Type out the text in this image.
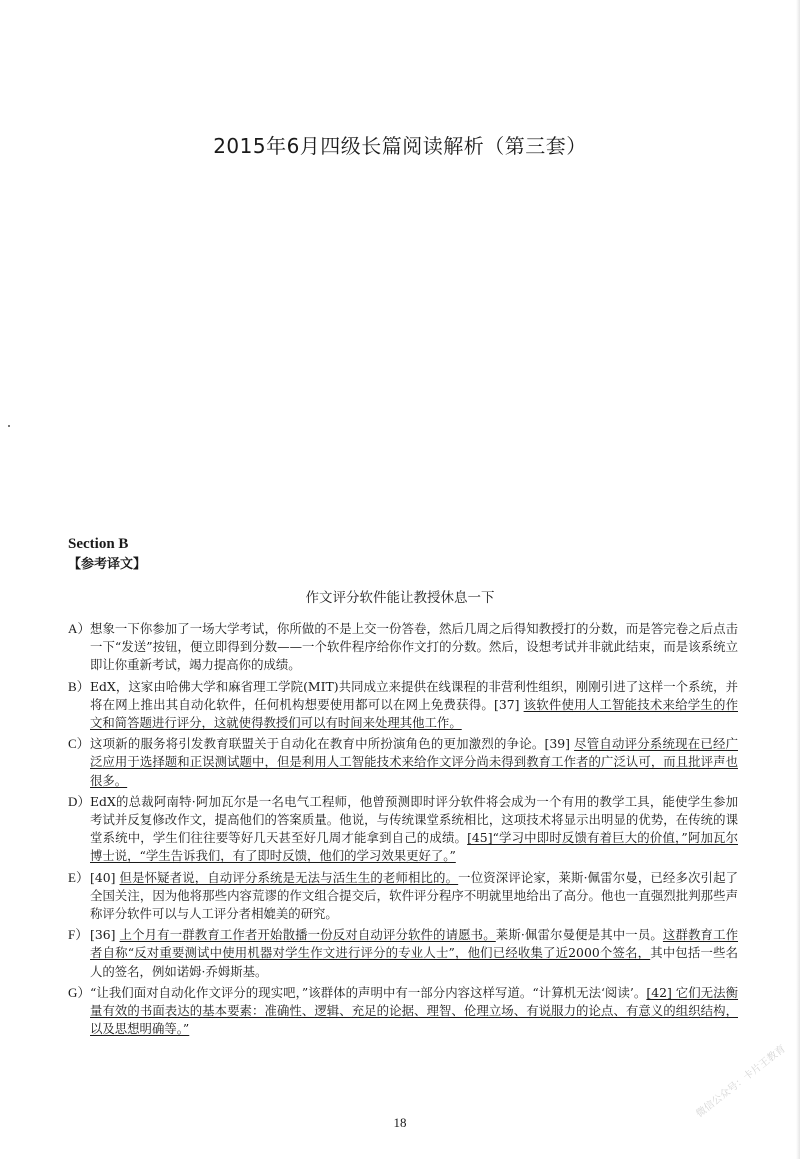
2015年6月四级长篇阅读解析（第三套）
Section B
【参考译文】
作文评分软件能让教授休息一下
A） 想象一下你参加了一场大学考试，你所做的不是上交一份答卷，然后几周之后得知教授打的分数，而是答完卷之后点击一下“发送”按钮，便立即得到分数——一个软件程序给你作文打的分数。然后，设想考试并非就此结束，而是该系统立即让你重新考试，竭力提高你的成绩。
B） EdX，这家由哈佛大学和麻省理工学院(MIT)共同成立来提供在线课程的非营利性组织，刚刚引进了这样一个系统，并将在网上推出其自动化软件，任何机构想要使用都可以在网上免费获得。[37] 该软件使用人工智能技术来给学生的作文和简答题进行评分，这就使得教授们可以有时间来处理其他工作。
C） 这项新的服务将引发教育联盟关于自动化在教育中所扮演角色的更加激烈的争论。[39] 尽管自动评分系统现在已经广泛应用于选择题和正误测试题中，但是利用人工智能技术来给作文评分尚未得到教育工作者的广泛认可，而且批评声也很多。
D） EdX的总裁阿南特·阿加瓦尔是一名电气工程师，他曾预测即时评分软件将会成为一个有用的教学工具，能使学生参加考试并反复修改作文，提高他们的答案质量。他说，与传统课堂系统相比，这项技术将显示出明显的优势，在传统的课堂系统中，学生们往往要等好几天甚至好几周才能拿到自己的成绩。[45]“学习中即时反馈有着巨大的价值，”阿加瓦尔博士说，“学生告诉我们，有了即时反馈，他们的学习效果更好了。”
E） [40] 但是怀疑者说，自动评分系统是无法与活生生的老师相比的。一位资深评论家，莱斯·佩雷尔曼，已经多次引起了全国关注，因为他将那些内容荒谬的作文组合提交后，软件评分程序不明就里地给出了高分。他也一直强烈批判那些声称评分软件可以与人工评分者相媲美的研究。
F） [36] 上个月有一群教育工作者开始散播一份反对自动评分软件的请愿书。莱斯·佩雷尔曼便是其中一员。这群教育工作者自称“反对重要测试中使用机器对学生作文进行评分的专业人士”，他们已经收集了近2000个签名，其中包括一些名人的签名，例如诺姆·乔姆斯基。
G） “让我们面对自动化作文评分的现实吧，”该群体的声明中有一部分内容这样写道。“计算机无法‘阅读’。[42] 它们无法衡量有效的书面表达的基本要素：准确性、逻辑、充足的论据、理智、伦理立场、有说服力的论点、有意义的组织结构，以及思想明确等。”
18
微信公众号：卡片王教育
